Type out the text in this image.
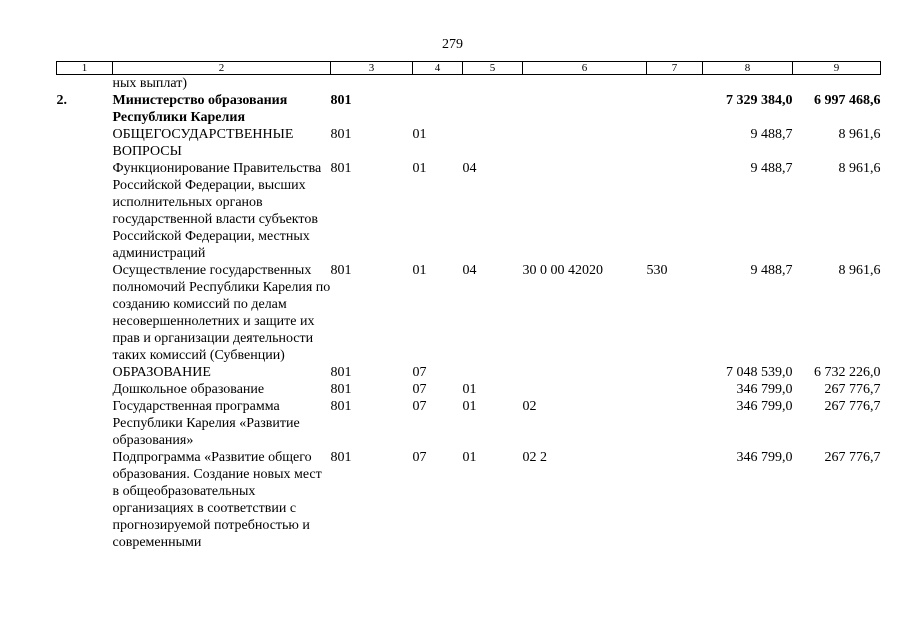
279
1	2	3	4	5	6	7	8	9
	ных выплат)							
2.	Министерство образования Республики Карелия	801					7 329 384,0	6 997 468,6
	ОБЩЕГОСУДАРСТВЕННЫЕ ВОПРОСЫ	801	01				9 488,7	8 961,6
	Функционирование Правительства Российской Федерации, высших исполнительных органов государственной власти субъектов Российской Федерации, местных администраций	801	01	04			9 488,7	8 961,6
	Осуществление государственных полномочий Республики Карелия по созданию комиссий по делам несовершеннолетних и защите их прав и организации деятельности таких комиссий (Субвенции)	801	01	04	30 0 00 42020	530	9 488,7	8 961,6
	ОБРАЗОВАНИЕ	801	07				7 048 539,0	6 732 226,0
	Дошкольное образование	801	07	01			346 799,0	267 776,7
	Государственная программа Республики Карелия «Развитие образования»	801	07	01	02		346 799,0	267 776,7
	Подпрограмма «Развитие общего образования. Создание новых мест в общеобразовательных организациях в соответствии с прогнозируемой потребностью и современными	801	07	01	02 2		346 799,0	267 776,7
